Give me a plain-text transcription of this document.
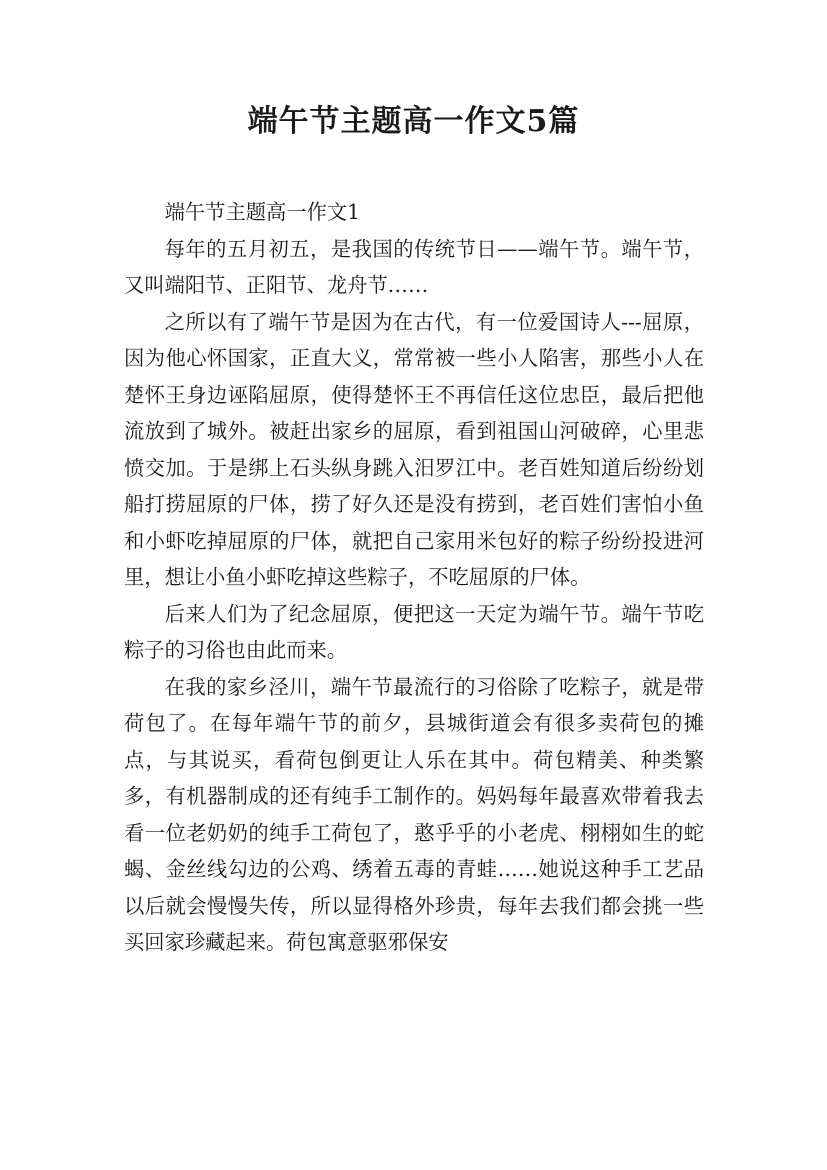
端午节主题高一作文5篇

端午节主题高一作文1

每年的五月初五，是我国的传统节日——端午节。端午节，又叫端阳节、正阳节、龙舟节……

之所以有了端午节是因为在古代，有一位爱国诗人---屈原，因为他心怀国家，正直大义，常常被一些小人陷害，那些小人在楚怀王身边诬陷屈原，使得楚怀王不再信任这位忠臣，最后把他流放到了城外。被赶出家乡的屈原，看到祖国山河破碎，心里悲愤交加。于是绑上石头纵身跳入汨罗江中。老百姓知道后纷纷划船打捞屈原的尸体，捞了好久还是没有捞到，老百姓们害怕小鱼和小虾吃掉屈原的尸体，就把自己家用米包好的粽子纷纷投进河里，想让小鱼小虾吃掉这些粽子，不吃屈原的尸体。

后来人们为了纪念屈原，便把这一天定为端午节。端午节吃粽子的习俗也由此而来。

在我的家乡泾川，端午节最流行的习俗除了吃粽子，就是带荷包了。在每年端午节的前夕，县城街道会有很多卖荷包的摊点，与其说买，看荷包倒更让人乐在其中。荷包精美、种类繁多，有机器制成的还有纯手工制作的。妈妈每年最喜欢带着我去看一位老奶奶的纯手工荷包了，憨乎乎的小老虎、栩栩如生的蛇蝎、金丝线勾边的公鸡、绣着五毒的青蛙……她说这种手工艺品以后就会慢慢失传，所以显得格外珍贵，每年去我们都会挑一些买回家珍藏起来。荷包寓意驱邪保安
